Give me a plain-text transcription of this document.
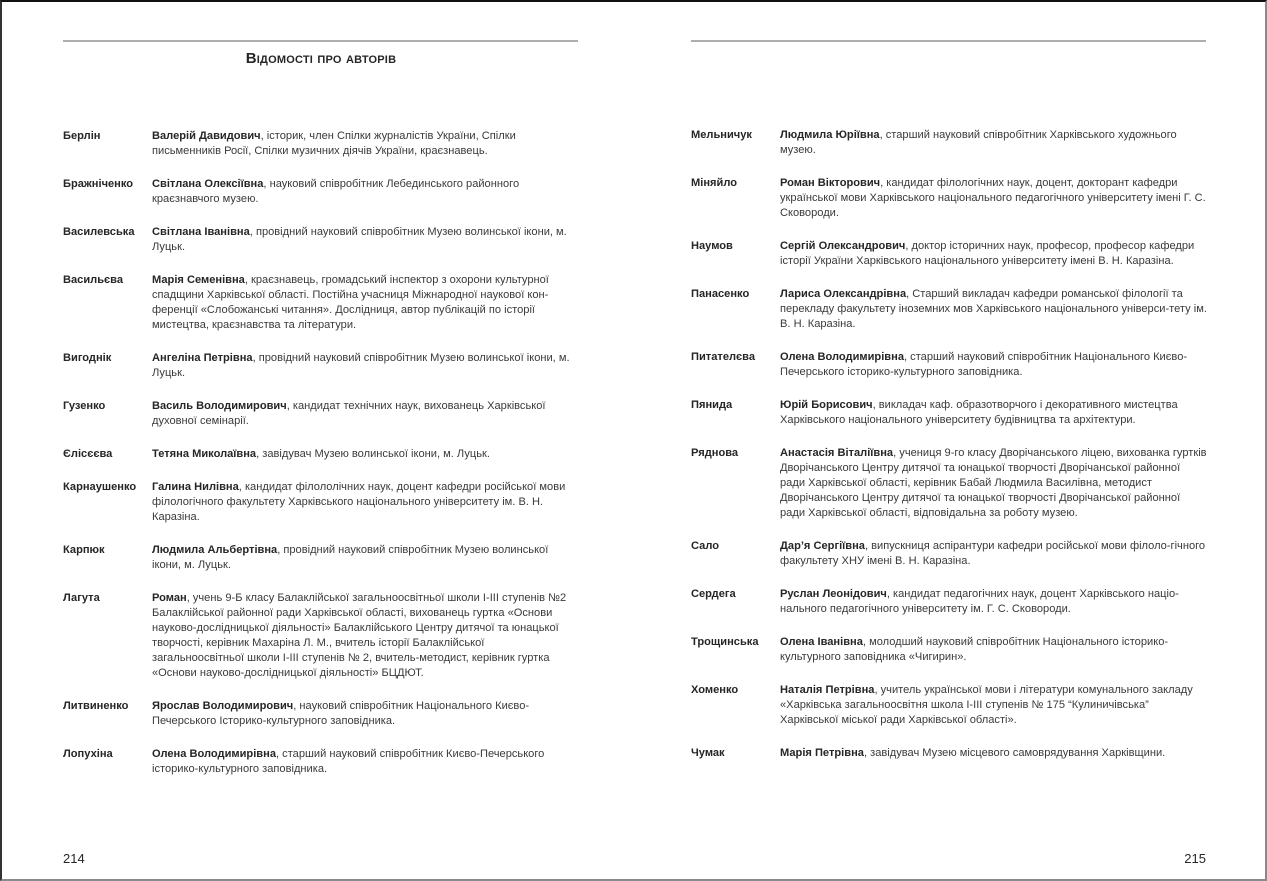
Відомості про авторів
Берлін	Валерій Давидович, історик, член Спілки журналістів України, Спілки письменників Росії, Спілки музичних діячів України, краєзнавець.
Бражніченко	Світлана Олексіївна, науковий співробітник Лебединського районного краєзнавчого музею.
Василевська	Світлана Іванівна, провідний науковий співробітник Музею волинської ікони, м. Луцьк.
Васильєва	Марія Семенівна, краєзнавець, громадський інспектор з охорони культурної спадщини Харківської області. Постійна учасниця Міжнародної наукової кон-ференції «Слобожанські читання». Дослідниця, автор публікацій по історії мистецтва, краєзнавства та літератури.
Вигоднік	Ангеліна Петрівна, провідний науковий співробітник Музею волинської ікони, м. Луцьк.
Гузенко	Василь Володимирович, кандидат технічних наук, вихованець Харківської духовної семінарії.
Єлісєєва	Тетяна Миколаївна, завідувач Музею волинської ікони, м. Луцьк.
Карнаушенко	Галина Нилівна, кандидат філололічних наук, доцент кафедри російської мови філологічного факультету Харківського національного університету ім. В. Н. Каразіна.
Карпюк	Людмила Альбертівна, провідний науковий співробітник Музею волинської ікони, м. Луцьк.
Лагута	Роман, учень 9-Б класу Балаклійської загальноосвітньої школи І-ІІІ ступенів №2 Балаклійської районної ради Харківської області, вихованець гуртка «Основи науково-дослідницької діяльності» Балаклійського Центру дитячої та юнацької творчості, керівник Махаріна Л. М., вчитель історії Балаклійської загальноосвітньої школи І-ІІІ ступенів № 2, вчитель-методист, керівник гуртка «Основи науково-дослідницької діяльності» БЦДЮТ.
Литвиненко	Ярослав Володимирович, науковий співробітник Національного Києво-Печерського Історико-культурного заповідника.
Лопухіна	Олена Володимирівна, старший науковий співробітник Києво-Печерського історико-культурного заповідника.
214
Мельничук	Людмила Юріївна, старший науковий співробітник Харківського художнього музею.
Міняйло	Роман Вікторович, кандидат філологічних наук, доцент, докторант кафедри української мови Харківського національного педагогічного університету імені Г. С. Сковороди.
Наумов	Сергій Олександрович, доктор історичних наук, професор, професор кафедри історії України Харківського національного університету імені В. Н. Каразіна.
Панасенко	Лариса Олександрівна, Старший викладач кафедри романської філології та перекладу факультету іноземних мов Харківського національного універси-тету ім. В. Н. Каразіна.
Питателєва	Олена Володимирівна, старший науковий співробітник Національного Києво-Печерського історико-культурного заповідника.
Пянида	Юрій Борисович, викладач каф. образотворчого і декоративного мистецтва Харківського національного університету будівництва та архітектури.
Ряднова	Анастасія Віталіївна, учениця 9-го класу Дворічанського ліцею, вихованка гуртків Дворічанського Центру дитячої та юнацької творчості Дворічанської районної ради Харківської області, керівник Бабай Людмила Василівна, методист Дворічанського Центру дитячої та юнацької творчості Дворічанської районної ради Харківської області, відповідальна за роботу музею.
Сало	Дар’я Сергіївна, випускниця аспірантури кафедри російської мови філоло-гічного факультету ХНУ імені В. Н. Каразіна.
Сердега	Руслан Леонідович, кандидат педагогічних наук, доцент Харківського націо-нального педагогічного університету ім. Г. С. Сковороди.
Трощинська	Олена Іванівна, молодший науковий співробітник Національного історико-культурного заповідника «Чигирин».
Хоменко	Наталія Петрівна, учитель української мови і літератури комунального закладу «Харківська загальноосвітня школа І-ІІІ ступенів № 175 “Кулиничівська” Харківської міської ради Харківської області».
Чумак	Марія Петрівна, завідувач Музею місцевого самоврядування Харківщини.
215
